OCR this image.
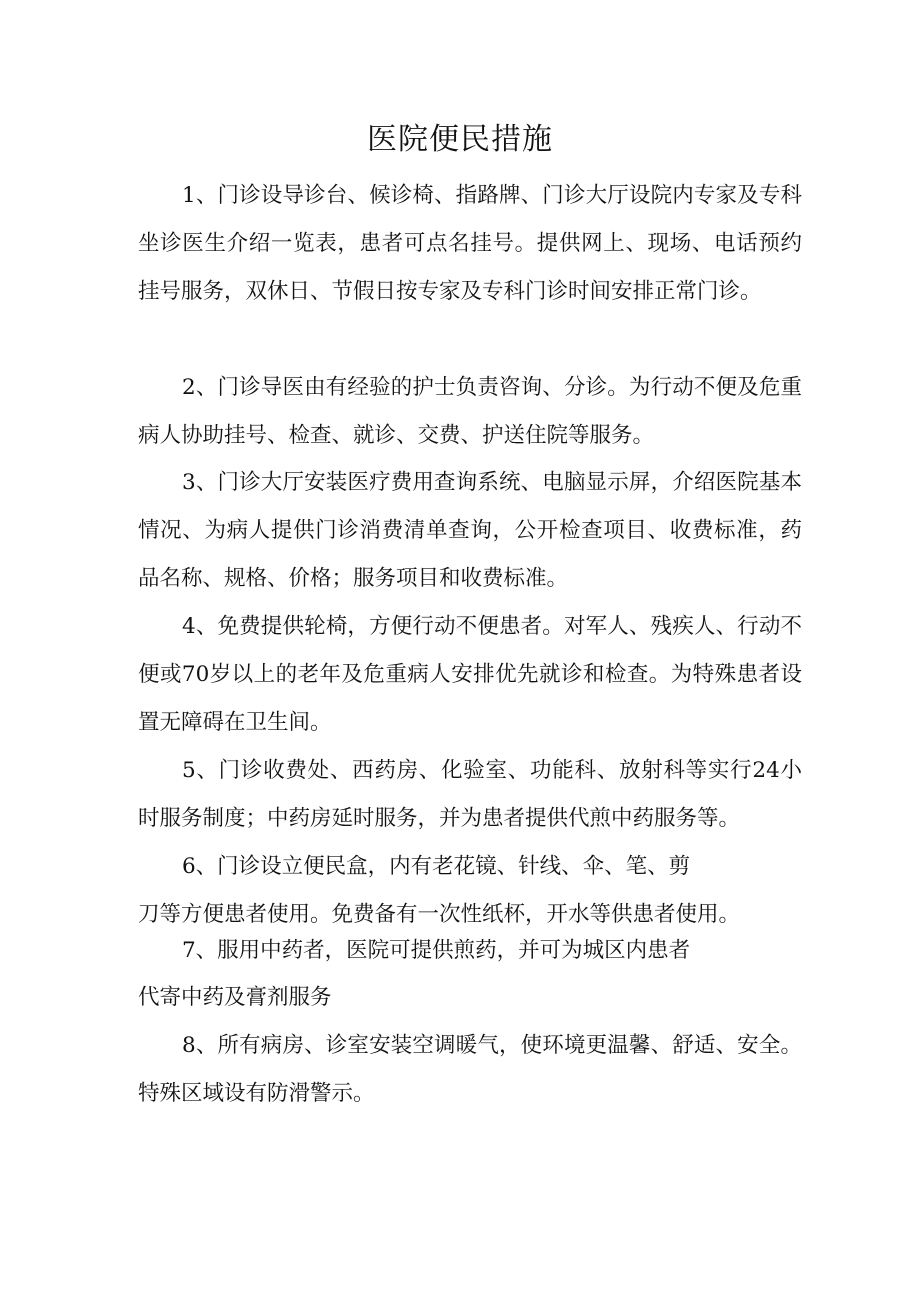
医院便民措施

1、门诊设导诊台、候诊椅、指路牌、门诊大厅设院内专家及专科坐诊医生介绍一览表，患者可点名挂号。提供网上、现场、电话预约挂号服务，双休日、节假日按专家及专科门诊时间安排正常门诊。

2、门诊导医由有经验的护士负责咨询、分诊。为行动不便及危重病人协助挂号、检查、就诊、交费、护送住院等服务。

3、门诊大厅安装医疗费用查询系统、电脑显示屏，介绍医院基本情况、为病人提供门诊消费清单查询，公开检查项目、收费标准，药品名称、规格、价格；服务项目和收费标准。

4、免费提供轮椅，方便行动不便患者。对军人、残疾人、行动不便或70岁以上的老年及危重病人安排优先就诊和检查。为特殊患者设置无障碍在卫生间。

5、门诊收费处、西药房、化验室、功能科、放射科等实行24小时服务制度；中药房延时服务，并为患者提供代煎中药服务等。

6、门诊设立便民盒，内有老花镜、针线、伞、笔、剪
刀等方便患者使用。免费备有一次性纸杯，开水等供患者使用。
7、服用中药者，医院可提供煎药，并可为城区内患者
代寄中药及膏剂服务

8、所有病房、诊室安装空调暖气，使环境更温馨、舒适、安全。特殊区域设有防滑警示。
